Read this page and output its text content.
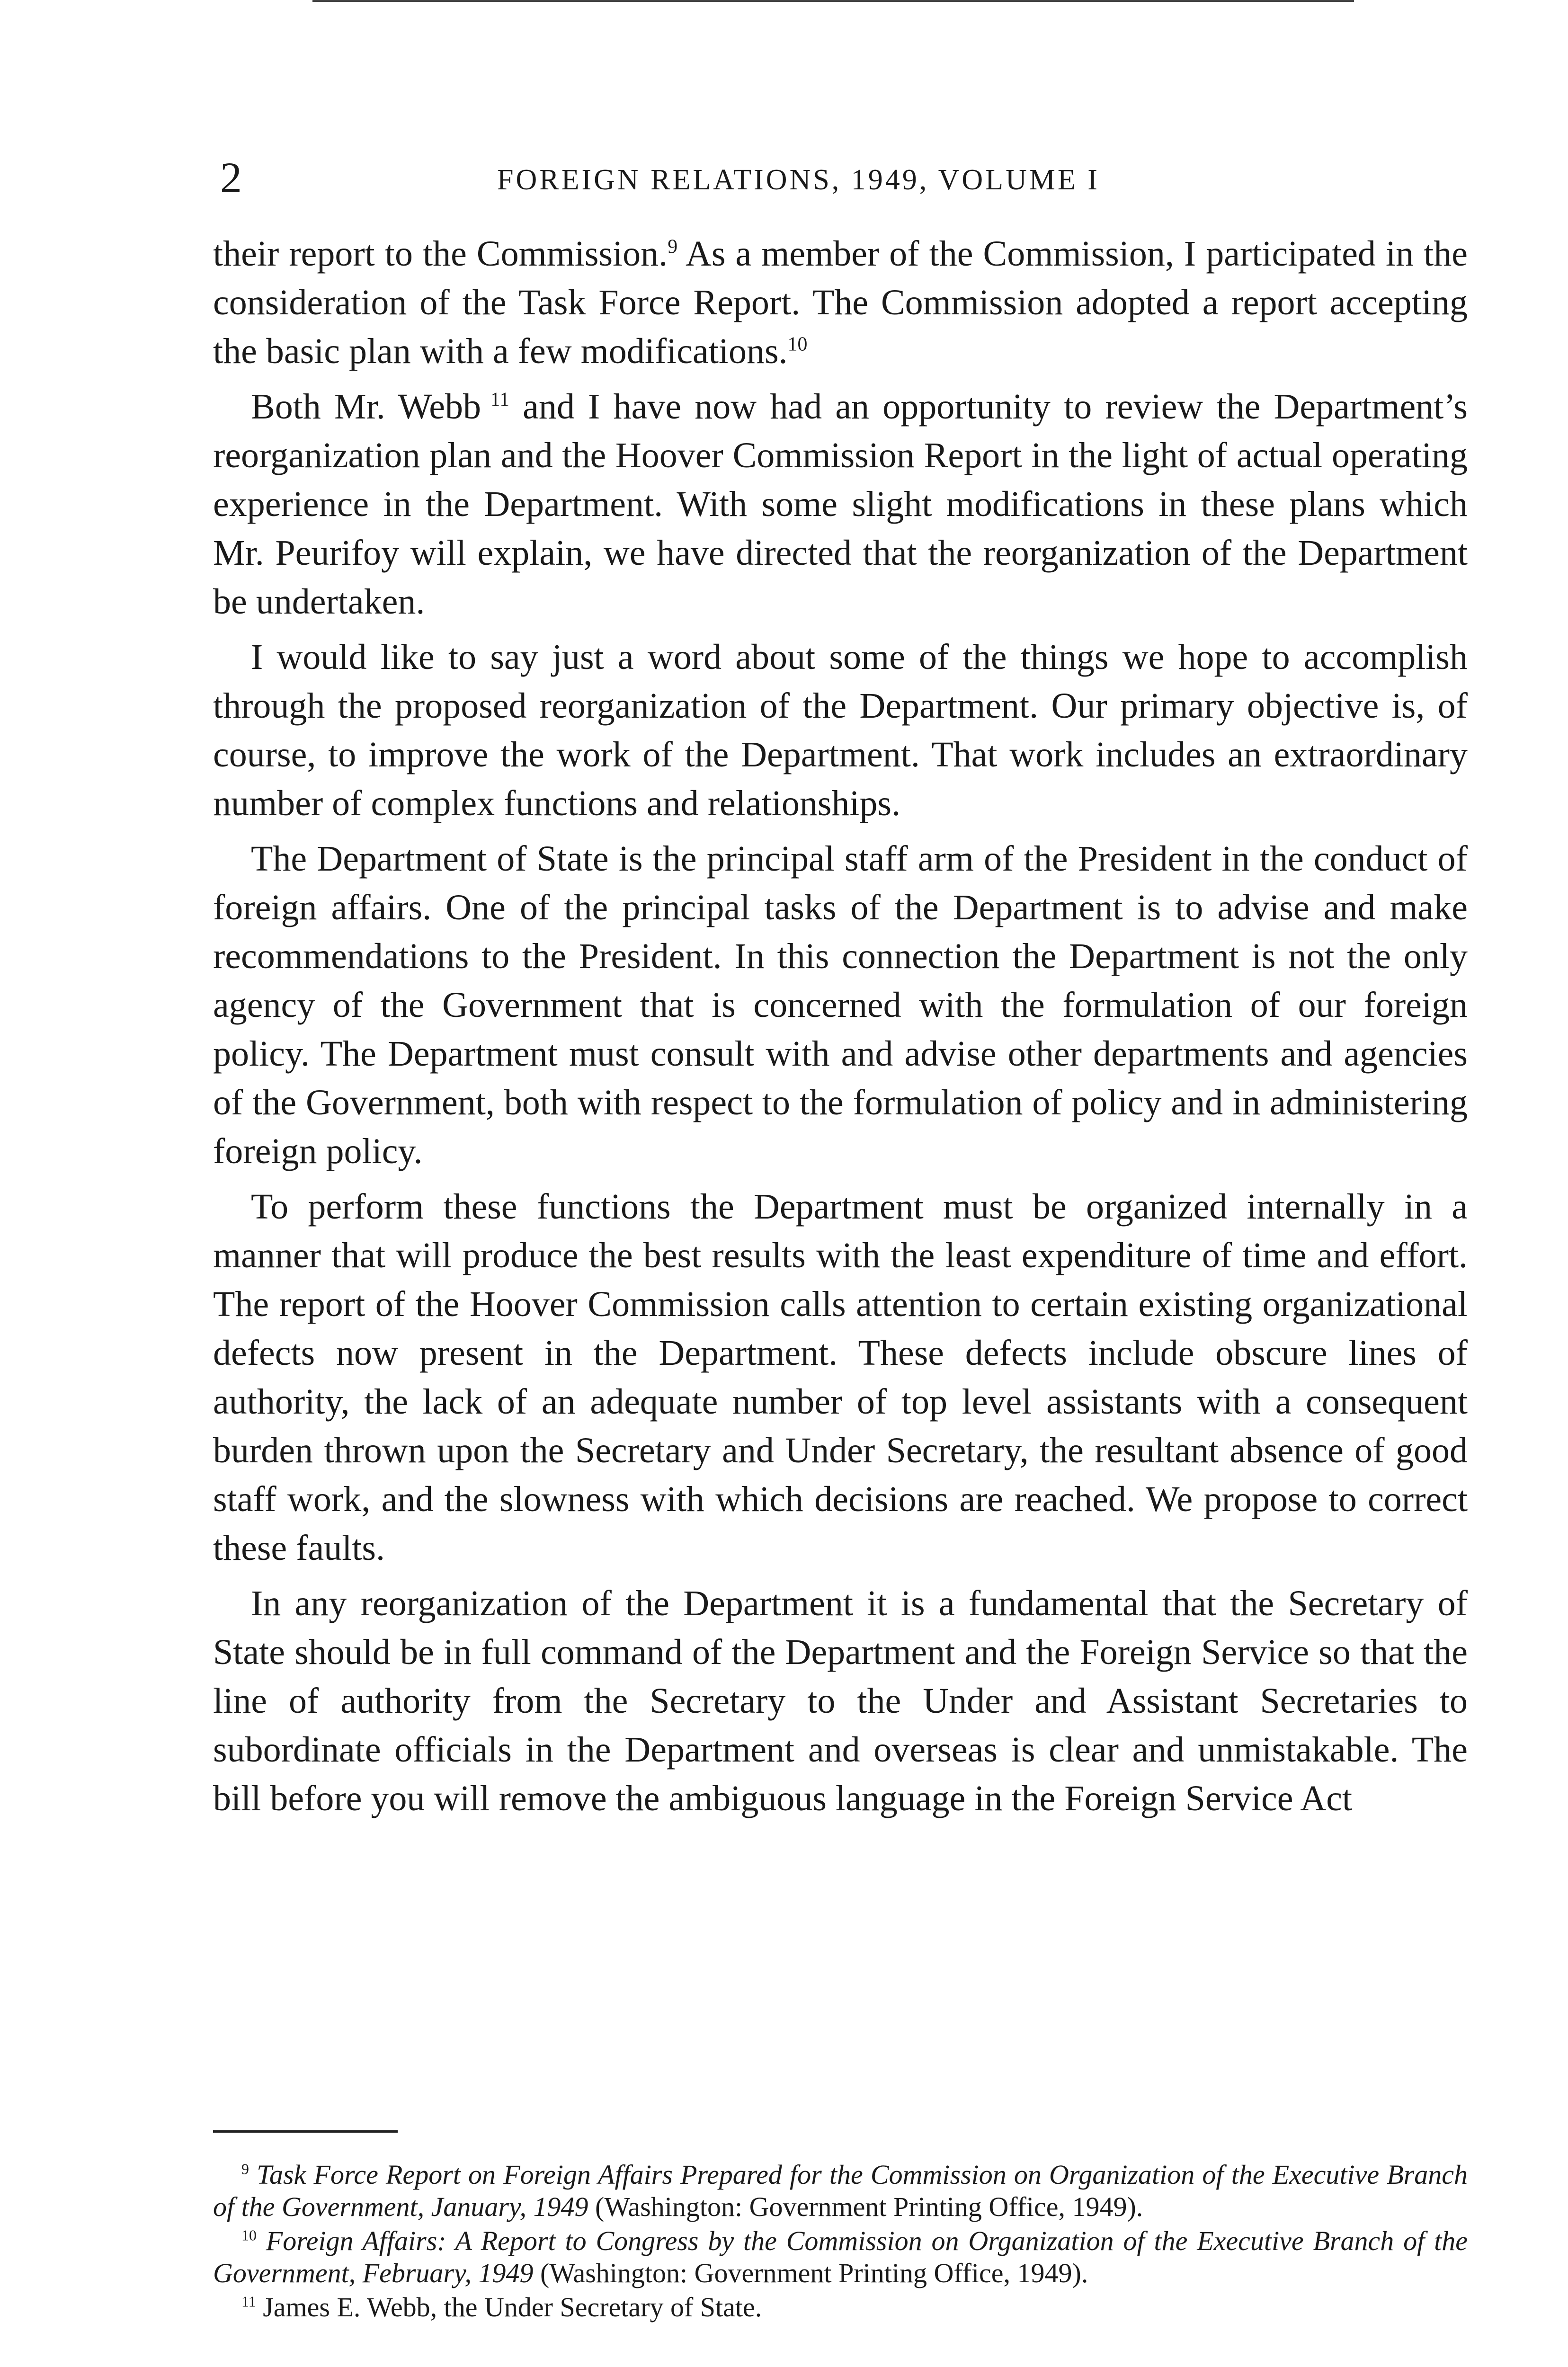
2	FOREIGN RELATIONS, 1949, VOLUME I

their report to the Commission.$^9$ As a member of the Commission, I participated in the consideration of the Task Force Report. The Commission adopted a report accepting the basic plan with a few modifications.$^{10}$

Both Mr. Webb $^{11}$ and I have now had an opportunity to review the Department’s reorganization plan and the Hoover Commission Report in the light of actual operating experience in the Department. With some slight modifications in these plans which Mr. Peurifoy will explain, we have directed that the reorganization of the Department be undertaken.

I would like to say just a word about some of the things we hope to accomplish through the proposed reorganization of the Department. Our primary objective is, of course, to improve the work of the Department. That work includes an extraordinary number of complex functions and relationships.

The Department of State is the principal staff arm of the President in the conduct of foreign affairs. One of the principal tasks of the Department is to advise and make recommendations to the President. In this connection the Department is not the only agency of the Government that is concerned with the formulation of our foreign policy. The Department must consult with and advise other departments and agencies of the Government, both with respect to the formulation of policy and in administering foreign policy.

To perform these functions the Department must be organized internally in a manner that will produce the best results with the least expenditure of time and effort. The report of the Hoover Commission calls attention to certain existing organizational defects now present in the Department. These defects include obscure lines of authority, the lack of an adequate number of top level assistants with a consequent burden thrown upon the Secretary and Under Secretary, the resultant absence of good staff work, and the slowness with which decisions are reached. We propose to correct these faults.

In any reorganization of the Department it is a fundamental that the Secretary of State should be in full command of the Department and the Foreign Service so that the line of authority from the Secretary to the Under and Assistant Secretaries to subordinate officials in the Department and overseas is clear and unmistakable. The bill before you will remove the ambiguous language in the Foreign Service Act

$^9$ Task Force Report on Foreign Affairs Prepared for the Commission on Organization of the Executive Branch of the Government, January, 1949 (Washington: Government Printing Office, 1949).

$^{10}$ Foreign Affairs: A Report to Congress by the Commission on Organization of the Executive Branch of the Government, February, 1949 (Washington: Government Printing Office, 1949).

$^{11}$ James E. Webb, the Under Secretary of State.
